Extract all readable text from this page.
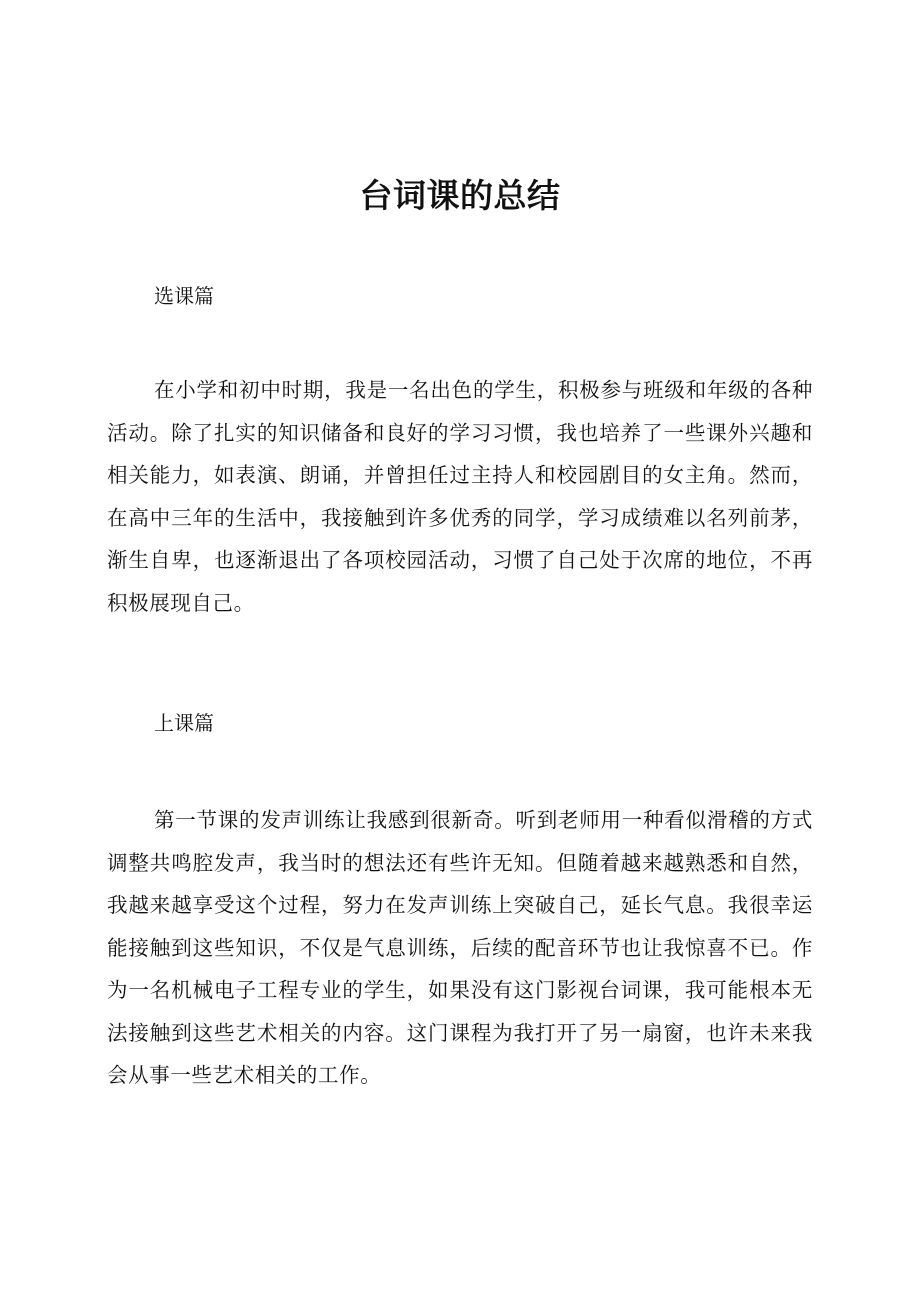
台词课的总结
选课篇

在小学和初中时期，我是一名出色的学生，积极参与班级和年级的各种活动。除了扎实的知识储备和良好的学习习惯，我也培养了一些课外兴趣和相关能力，如表演、朗诵，并曾担任过主持人和校园剧目的女主角。然而，在高中三年的生活中，我接触到许多优秀的同学，学习成绩难以名列前茅，渐生自卑，也逐渐退出了各项校园活动，习惯了自己处于次席的地位，不再积极展现自己。

上课篇

第一节课的发声训练让我感到很新奇。听到老师用一种看似滑稽的方式调整共鸣腔发声，我当时的想法还有些许无知。但随着越来越熟悉和自然，我越来越享受这个过程，努力在发声训练上突破自己，延长气息。我很幸运能接触到这些知识，不仅是气息训练，后续的配音环节也让我惊喜不已。作为一名机械电子工程专业的学生，如果没有这门影视台词课，我可能根本无法接触到这些艺术相关的内容。这门课程为我打开了另一扇窗，也许未来我会从事一些艺术相关的工作。
